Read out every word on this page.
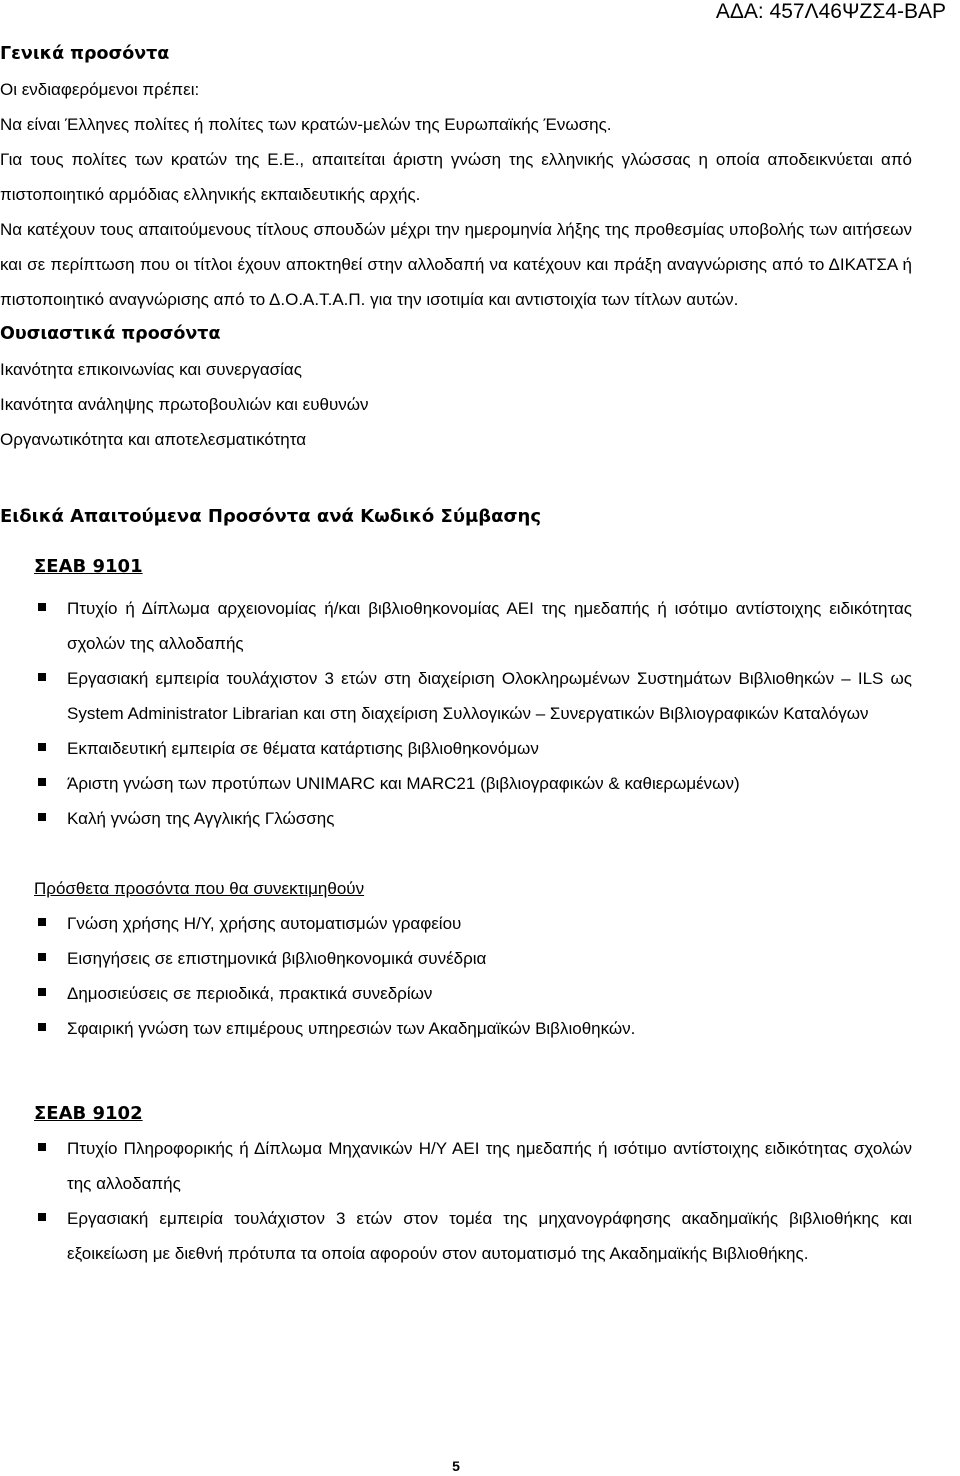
ΑΔΑ: 457Λ46ΨΖΣ4-ΒΑΡ

Γενικά προσόντα

Οι ενδιαφερόμενοι πρέπει:

Να είναι Έλληνες πολίτες ή πολίτες των κρατών-μελών της Ευρωπαϊκής Ένωσης.

Για τους πολίτες των κρατών της Ε.Ε., απαιτείται άριστη γνώση της ελληνικής γλώσσας η οποία αποδεικνύεται από πιστοποιητικό αρμόδιας ελληνικής εκπαιδευτικής αρχής.

Να κατέχουν τους απαιτούμενους τίτλους σπουδών μέχρι την ημερομηνία λήξης της προθεσμίας υποβολής των αιτήσεων και σε περίπτωση που οι τίτλοι έχουν αποκτηθεί στην αλλοδαπή να κατέχουν και πράξη αναγνώρισης από το ΔΙΚΑΤΣΑ ή πιστοποιητικό αναγνώρισης από το Δ.Ο.Α.Τ.Α.Π. για την ισοτιμία και αντιστοιχία των τίτλων αυτών.

Ουσιαστικά προσόντα

Ικανότητα επικοινωνίας και συνεργασίας

Ικανότητα ανάληψης πρωτοβουλιών και ευθυνών

Οργανωτικότητα και αποτελεσματικότητα

Ειδικά Απαιτούμενα Προσόντα ανά Κωδικό Σύμβασης

ΣΕΑΒ 9101

Πτυχίο ή Δίπλωμα αρχειονομίας ή/και βιβλιοθηκονομίας ΑΕΙ της ημεδαπής ή ισότιμο αντίστοιχης ειδικότητας σχολών της αλλοδαπής
Εργασιακή εμπειρία τουλάχιστον 3 ετών στη διαχείριση Ολοκληρωμένων Συστημάτων Βιβλιοθηκών – ILS ως System Administrator Librarian και στη διαχείριση Συλλογικών – Συνεργατικών Βιβλιογραφικών Καταλόγων
Εκπαιδευτική εμπειρία σε θέματα κατάρτισης βιβλιοθηκονόμων
Άριστη γνώση των προτύπων UNIMARC και MARC21 (βιβλιογραφικών & καθιερωμένων)
Καλή γνώση της Αγγλικής Γλώσσης

Πρόσθετα προσόντα που θα συνεκτιμηθούν

Γνώση χρήσης Η/Υ, χρήσης αυτοματισμών γραφείου
Εισηγήσεις σε επιστημονικά βιβλιοθηκονομικά συνέδρια
Δημοσιεύσεις σε περιοδικά, πρακτικά συνεδρίων
Σφαιρική γνώση των επιμέρους υπηρεσιών των Ακαδημαϊκών Βιβλιοθηκών.

ΣΕΑΒ 9102

Πτυχίο Πληροφορικής ή Δίπλωμα Μηχανικών Η/Υ ΑΕΙ της ημεδαπής ή ισότιμο αντίστοιχης ειδικότητας σχολών της αλλοδαπής
Εργασιακή εμπειρία τουλάχιστον 3 ετών στον τομέα της μηχανογράφησης ακαδημαϊκής βιβλιοθήκης και εξοικείωση με διεθνή πρότυπα τα οποία αφορούν στον αυτοματισμό της Ακαδημαϊκής Βιβλιοθήκης.
5
